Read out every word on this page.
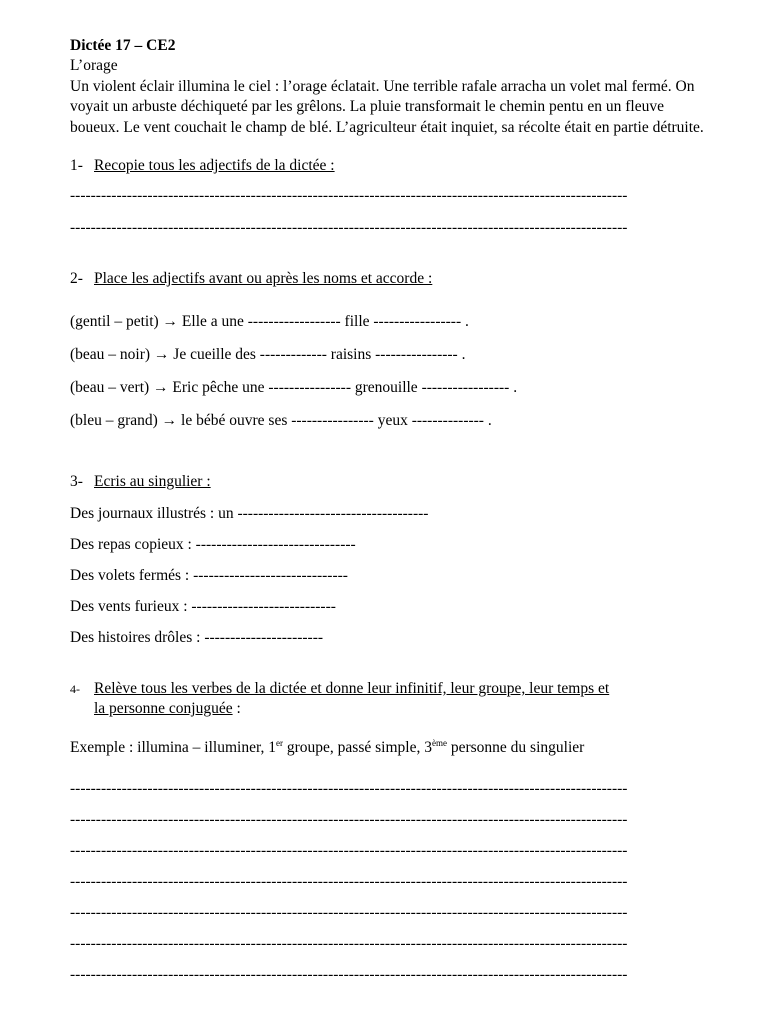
Dictée 17 – CE2
L’orage

Un violent éclair illumina le ciel : l’orage éclatait. Une terrible rafale arracha un volet mal fermé. On voyait un arbuste déchiqueté par les grêlons. La pluie transformait le chemin pentu en un fleuve boueux. Le vent couchait le champ de blé. L’agriculteur était inquiet, sa récolte était en partie détruite.

1- Recopie tous les adjectifs de la dictée :
------------------------------------------------------------------------------------------------------------
------------------------------------------------------------------------------------------------------------
2- Place les adjectifs avant ou après les noms et accorde :
(gentil – petit) → Elle a une ------------------ fille ----------------- .
(beau – noir) → Je cueille des ------------- raisins ---------------- .
(beau – vert) → Eric pêche une ---------------- grenouille ----------------- .
(bleu – grand) → le bébé ouvre ses ---------------- yeux -------------- .
3- Ecris au singulier :
Des journaux illustrés : un -------------------------------------
Des repas copieux : -------------------------------
Des volets fermés : ------------------------------
Des vents furieux : ----------------------------
Des histoires drôles : -----------------------
4- Relève tous les verbes de la dictée et donne leur infinitif, leur groupe, leur temps et
la personne conjuguée :
Exemple : illumina – illuminer, 1er groupe, passé simple, 3ème personne du singulier
------------------------------------------------------------------------------------------------------------
------------------------------------------------------------------------------------------------------------
------------------------------------------------------------------------------------------------------------
------------------------------------------------------------------------------------------------------------
------------------------------------------------------------------------------------------------------------
------------------------------------------------------------------------------------------------------------
------------------------------------------------------------------------------------------------------------
